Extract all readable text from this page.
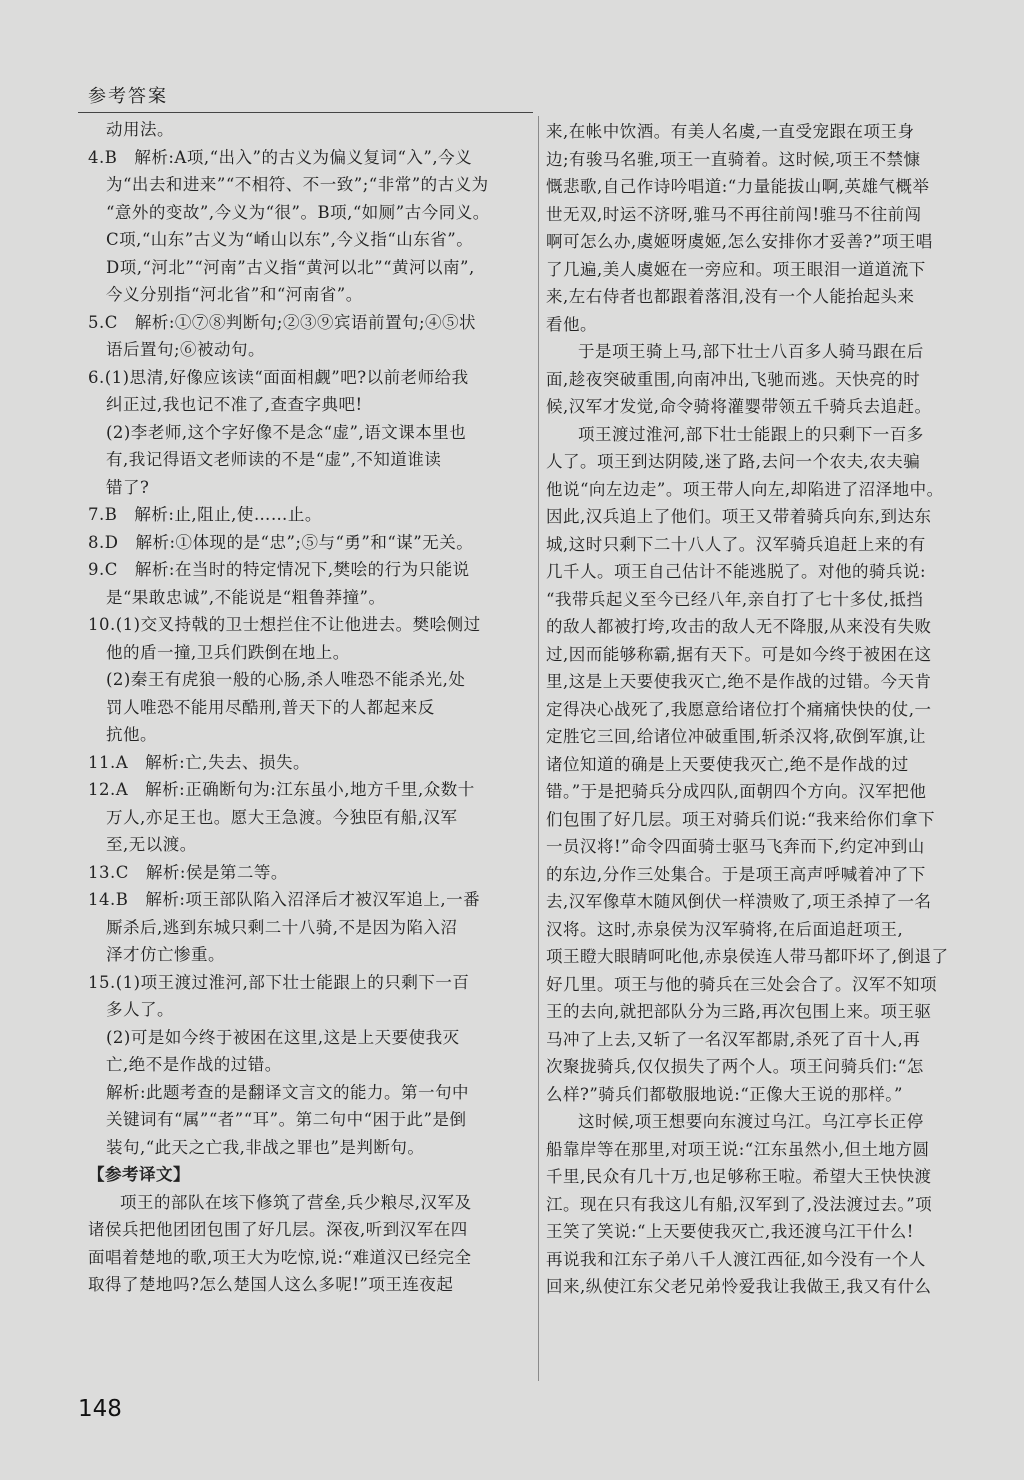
参考答案
动用法。
4.B　解析:A项,“出入”的古义为偏义复词“入”,今义
为“出去和进来”“不相符、不一致”;“非常”的古义为
“意外的变故”,今义为“很”。B项,“如厕”古今同义。
C项,“山东”古义为“崤山以东”,今义指“山东省”。
D项,“河北”“河南”古义指“黄河以北”“黄河以南”,
今义分别指“河北省”和“河南省”。
5.C　解析:①⑦⑧判断句;②③⑨宾语前置句;④⑤状
语后置句;⑥被动句。
6.(1)思清,好像应该读“面面相觑”吧?以前老师给我
纠正过,我也记不准了,查查字典吧!
(2)李老师,这个字好像不是念“虚”,语文课本里也
有,我记得语文老师读的不是“虚”,不知道谁读
错了?
7.B　解析:止,阻止,使……止。
8.D　解析:①体现的是“忠”;⑤与“勇”和“谋”无关。
9.C　解析:在当时的特定情况下,樊哙的行为只能说
是“果敢忠诚”,不能说是“粗鲁莽撞”。
10.(1)交叉持戟的卫士想拦住不让他进去。樊哙侧过
他的盾一撞,卫兵们跌倒在地上。
(2)秦王有虎狼一般的心肠,杀人唯恐不能杀光,处
罚人唯恐不能用尽酷刑,普天下的人都起来反
抗他。
11.A　解析:亡,失去、损失。
12.A　解析:正确断句为:江东虽小,地方千里,众数十
万人,亦足王也。愿大王急渡。今独臣有船,汉军
至,无以渡。
13.C　解析:侯是第二等。
14.B　解析:项王部队陷入沼泽后才被汉军追上,一番
厮杀后,逃到东城只剩二十八骑,不是因为陷入沼
泽才仿亡惨重。
15.(1)项王渡过淮河,部下壮士能跟上的只剩下一百
多人了。
(2)可是如今终于被困在这里,这是上天要使我灭
亡,绝不是作战的过错。
解析:此题考查的是翻译文言文的能力。第一句中
关键词有“属”“者”“耳”。第二句中“困于此”是倒
装句,“此天之亡我,非战之罪也”是判断句。
【参考译文】
项王的部队在垓下修筑了营垒,兵少粮尽,汉军及
诸侯兵把他团团包围了好几层。深夜,听到汉军在四
面唱着楚地的歌,项王大为吃惊,说:“难道汉已经完全
取得了楚地吗?怎么楚国人这么多呢!”项王连夜起
来,在帐中饮酒。有美人名虞,一直受宠跟在项王身
边;有骏马名骓,项王一直骑着。这时候,项王不禁慷
慨悲歌,自己作诗吟唱道:“力量能拔山啊,英雄气概举
世无双,时运不济呀,骓马不再往前闯!骓马不往前闯
啊可怎么办,虞姬呀虞姬,怎么安排你才妥善?”项王唱
了几遍,美人虞姬在一旁应和。项王眼泪一道道流下
来,左右侍者也都跟着落泪,没有一个人能抬起头来
看他。
于是项王骑上马,部下壮士八百多人骑马跟在后
面,趁夜突破重围,向南冲出,飞驰而逃。天快亮的时
候,汉军才发觉,命令骑将灌婴带领五千骑兵去追赶。
项王渡过淮河,部下壮士能跟上的只剩下一百多
人了。项王到达阴陵,迷了路,去问一个农夫,农夫骗
他说“向左边走”。项王带人向左,却陷进了沼泽地中。
因此,汉兵追上了他们。项王又带着骑兵向东,到达东
城,这时只剩下二十八人了。汉军骑兵追赶上来的有
几千人。项王自己估计不能逃脱了。对他的骑兵说:
“我带兵起义至今已经八年,亲自打了七十多仗,抵挡
的敌人都被打垮,攻击的敌人无不降服,从来没有失败
过,因而能够称霸,据有天下。可是如今终于被困在这
里,这是上天要使我灭亡,绝不是作战的过错。今天肯
定得决心战死了,我愿意给诸位打个痛痛快快的仗,一
定胜它三回,给诸位冲破重围,斩杀汉将,砍倒军旗,让
诸位知道的确是上天要使我灭亡,绝不是作战的过
错。”于是把骑兵分成四队,面朝四个方向。汉军把他
们包围了好几层。项王对骑兵们说:“我来给你们拿下
一员汉将!”命令四面骑士驱马飞奔而下,约定冲到山
的东边,分作三处集合。于是项王高声呼喊着冲了下
去,汉军像草木随风倒伏一样溃败了,项王杀掉了一名
汉将。这时,赤泉侯为汉军骑将,在后面追赶项王,
项王瞪大眼睛呵叱他,赤泉侯连人带马都吓坏了,倒退了
好几里。项王与他的骑兵在三处会合了。汉军不知项
王的去向,就把部队分为三路,再次包围上来。项王驱
马冲了上去,又斩了一名汉军都尉,杀死了百十人,再
次聚拢骑兵,仅仅损失了两个人。项王问骑兵们:“怎
么样?”骑兵们都敬服地说:“正像大王说的那样。”
这时候,项王想要向东渡过乌江。乌江亭长正停
船靠岸等在那里,对项王说:“江东虽然小,但土地方圆
千里,民众有几十万,也足够称王啦。希望大王快快渡
江。现在只有我这儿有船,汉军到了,没法渡过去。”项
王笑了笑说:“上天要使我灭亡,我还渡乌江干什么!
再说我和江东子弟八千人渡江西征,如今没有一个人
回来,纵使江东父老兄弟怜爱我让我做王,我又有什么
148
